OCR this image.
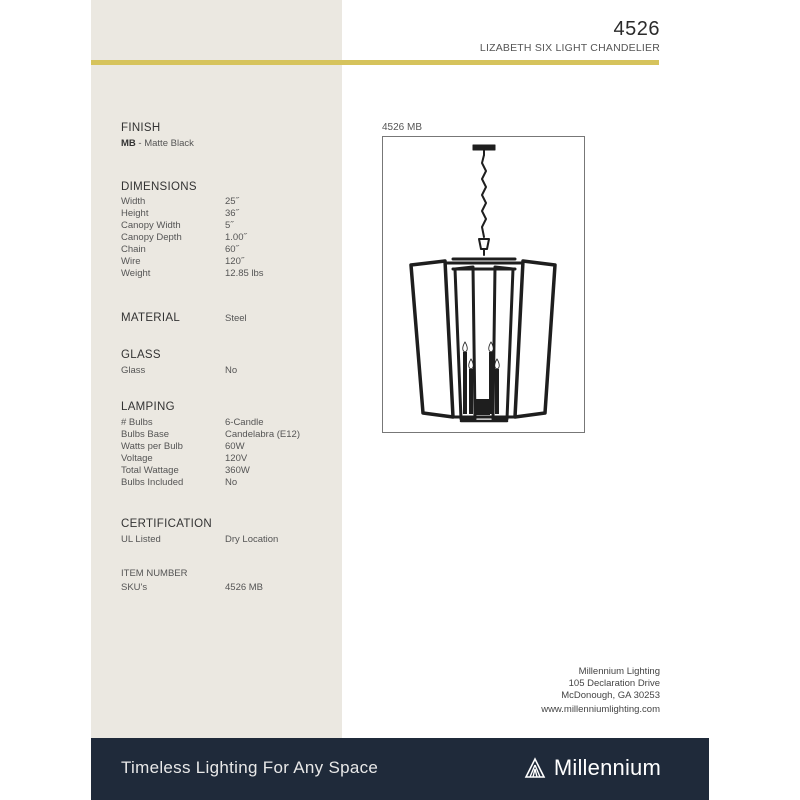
4526
LIZABETH SIX LIGHT CHANDELIER
FINISH
MB - Matte Black
DIMENSIONS
Width	25˝
Height	36˝
Canopy Width	5˝
Canopy Depth	1.00˝
Chain	60˝
Wire	120˝
Weight	12.85 lbs
MATERIAL	Steel
GLASS
Glass	No
LAMPING
# Bulbs	6-Candle
Bulbs Base	Candelabra (E12)
Watts per Bulb	60W
Voltage	120V
Total Wattage	360W
Bulbs Included	No
CERTIFICATION
UL Listed	Dry Location
ITEM NUMBER
SKU's	4526 MB
4526 MB
Millennium Lighting
105 Declaration Drive
McDonough, GA 30253
www.millenniumlighting.com
Timeless Lighting For Any Space	Millennium
